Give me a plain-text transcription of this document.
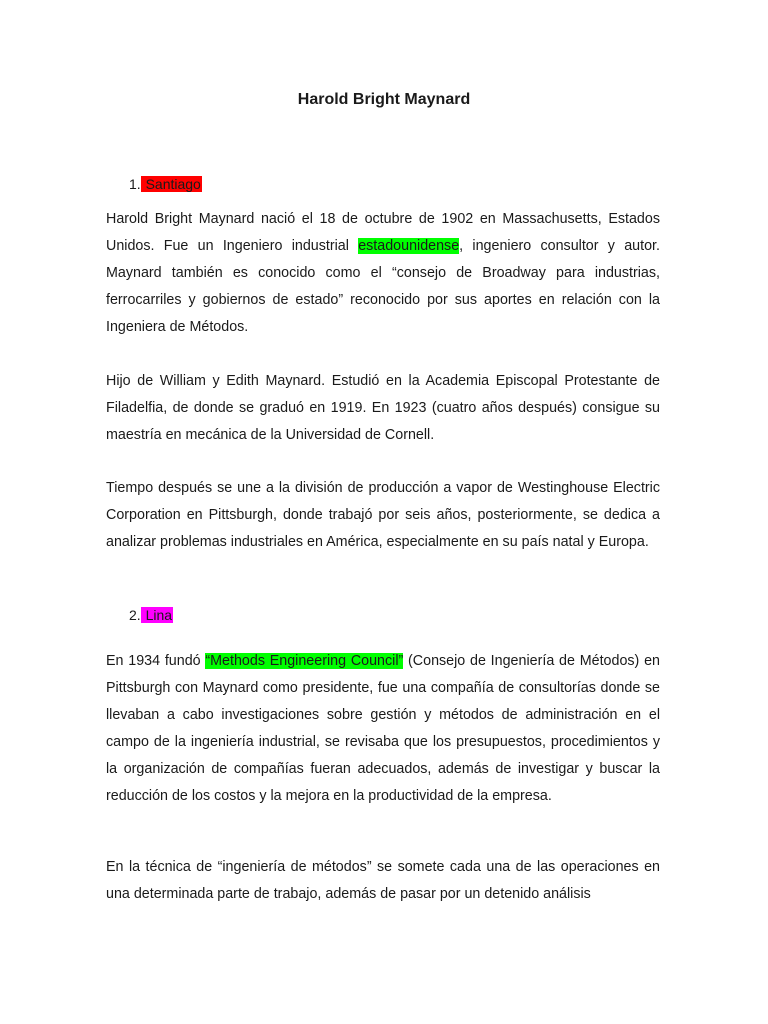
Harold Bright Maynard

1. Santiago

Harold Bright Maynard nació el 18 de octubre de 1902 en Massachusetts, Estados Unidos. Fue un Ingeniero industrial estadounidense, ingeniero consultor y autor. Maynard también es conocido como el “consejo de Broadway para industrias, ferrocarriles y gobiernos de estado” reconocido por sus aportes en relación con la Ingeniera de Métodos.

Hijo de William y Edith Maynard. Estudió en la Academia Episcopal Protestante de Filadelfia, de donde se graduó en 1919. En 1923 (cuatro años después) consigue su maestría en mecánica de la Universidad de Cornell.

Tiempo después se une a la división de producción a vapor de Westinghouse Electric Corporation en Pittsburgh, donde trabajó por seis años, posteriormente, se dedica a analizar problemas industriales en América, especialmente en su país natal y Europa.

2. Lina

En 1934 fundó “Methods Engineering Council” (Consejo de Ingeniería de Métodos) en Pittsburgh con Maynard como presidente, fue una compañía de consultorías donde se llevaban a cabo investigaciones sobre gestión y métodos de administración en el campo de la ingeniería industrial, se revisaba que los presupuestos, procedimientos y la organización de compañías fueran adecuados, además de investigar y buscar la reducción de los costos y la mejora en la productividad de la empresa.

En la técnica de “ingeniería de métodos” se somete cada una de las operaciones en una determinada parte de trabajo, además de pasar por un detenido análisis
